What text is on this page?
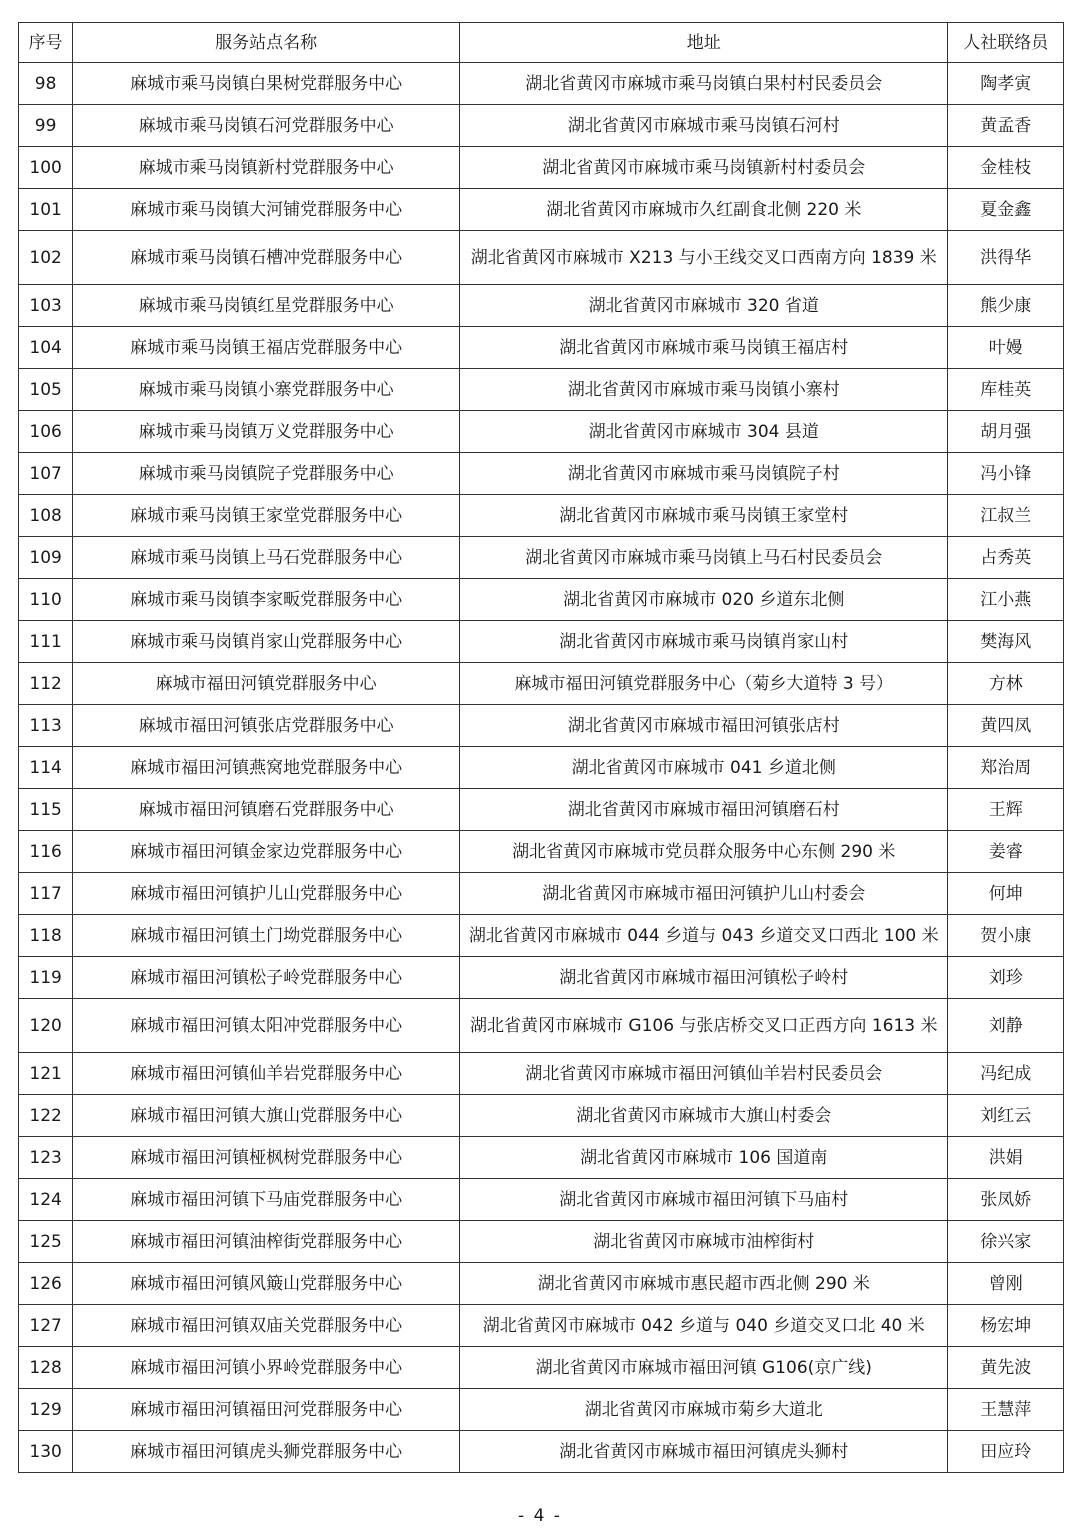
序号	服务站点名称	地址	人社联络员
98	麻城市乘马岗镇白果树党群服务中心	湖北省黄冈市麻城市乘马岗镇白果村村民委员会	陶孝寅
99	麻城市乘马岗镇石河党群服务中心	湖北省黄冈市麻城市乘马岗镇石河村	黄孟香
100	麻城市乘马岗镇新村党群服务中心	湖北省黄冈市麻城市乘马岗镇新村村委员会	金桂枝
101	麻城市乘马岗镇大河铺党群服务中心	湖北省黄冈市麻城市久红副食北侧 220 米	夏金鑫
102	麻城市乘马岗镇石槽冲党群服务中心	湖北省黄冈市麻城市 X213 与小王线交叉口西南方向 1839 米	洪得华
103	麻城市乘马岗镇红星党群服务中心	湖北省黄冈市麻城市 320 省道	熊少康
104	麻城市乘马岗镇王福店党群服务中心	湖北省黄冈市麻城市乘马岗镇王福店村	叶嫚
105	麻城市乘马岗镇小寨党群服务中心	湖北省黄冈市麻城市乘马岗镇小寨村	库桂英
106	麻城市乘马岗镇万义党群服务中心	湖北省黄冈市麻城市 304 县道	胡月强
107	麻城市乘马岗镇院子党群服务中心	湖北省黄冈市麻城市乘马岗镇院子村	冯小锋
108	麻城市乘马岗镇王家堂党群服务中心	湖北省黄冈市麻城市乘马岗镇王家堂村	江叔兰
109	麻城市乘马岗镇上马石党群服务中心	湖北省黄冈市麻城市乘马岗镇上马石村民委员会	占秀英
110	麻城市乘马岗镇李家畈党群服务中心	湖北省黄冈市麻城市 020 乡道东北侧	江小燕
111	麻城市乘马岗镇肖家山党群服务中心	湖北省黄冈市麻城市乘马岗镇肖家山村	樊海风
112	麻城市福田河镇党群服务中心	麻城市福田河镇党群服务中心（菊乡大道特 3 号）	方林
113	麻城市福田河镇张店党群服务中心	湖北省黄冈市麻城市福田河镇张店村	黄四凤
114	麻城市福田河镇燕窝地党群服务中心	湖北省黄冈市麻城市 041 乡道北侧	郑治周
115	麻城市福田河镇磨石党群服务中心	湖北省黄冈市麻城市福田河镇磨石村	王辉
116	麻城市福田河镇金家边党群服务中心	湖北省黄冈市麻城市党员群众服务中心东侧 290 米	姜睿
117	麻城市福田河镇护儿山党群服务中心	湖北省黄冈市麻城市福田河镇护儿山村委会	何坤
118	麻城市福田河镇土门坳党群服务中心	湖北省黄冈市麻城市 044 乡道与 043 乡道交叉口西北 100 米	贺小康
119	麻城市福田河镇松子岭党群服务中心	湖北省黄冈市麻城市福田河镇松子岭村	刘珍
120	麻城市福田河镇太阳冲党群服务中心	湖北省黄冈市麻城市 G106 与张店桥交叉口正西方向 1613 米	刘静
121	麻城市福田河镇仙羊岩党群服务中心	湖北省黄冈市麻城市福田河镇仙羊岩村民委员会	冯纪成
122	麻城市福田河镇大旗山党群服务中心	湖北省黄冈市麻城市大旗山村委会	刘红云
123	麻城市福田河镇桠枫树党群服务中心	湖北省黄冈市麻城市 106 国道南	洪娟
124	麻城市福田河镇下马庙党群服务中心	湖北省黄冈市麻城市福田河镇下马庙村	张凤娇
125	麻城市福田河镇油榨街党群服务中心	湖北省黄冈市麻城市油榨街村	徐兴家
126	麻城市福田河镇风簸山党群服务中心	湖北省黄冈市麻城市惠民超市西北侧 290 米	曾刚
127	麻城市福田河镇双庙关党群服务中心	湖北省黄冈市麻城市 042 乡道与 040 乡道交叉口北 40 米	杨宏坤
128	麻城市福田河镇小界岭党群服务中心	湖北省黄冈市麻城市福田河镇 G106(京广线)	黄先波
129	麻城市福田河镇福田河党群服务中心	湖北省黄冈市麻城市菊乡大道北	王慧萍
130	麻城市福田河镇虎头狮党群服务中心	湖北省黄冈市麻城市福田河镇虎头狮村	田应玲
- 4 -
